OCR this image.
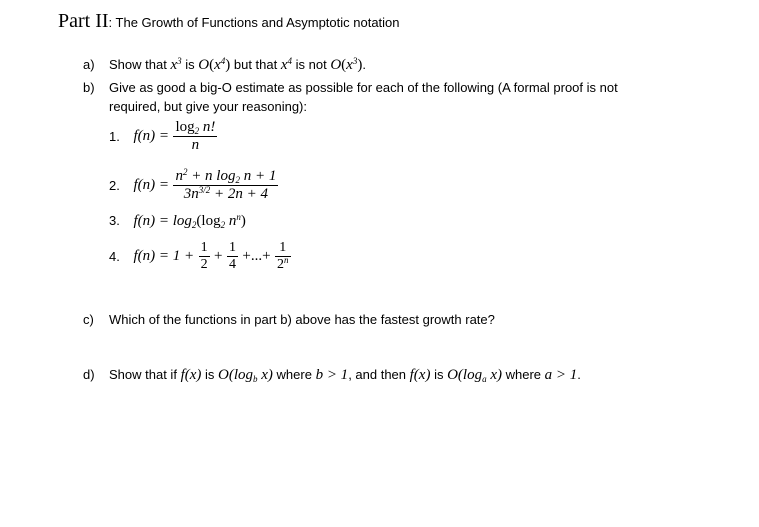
Part II: The Growth of Functions and Asymptotic notation
a) Show that $x^3$ is $O(x^4)$ but that $x^4$ is not $O(x^3)$.
b) Give as good a big-O estimate as possible for each of the following (A formal proof is not
required, but give your reasoning):
1. $f(n) = \frac{\log_2 n!}{n}$
2. $f(n) = \frac{n^2 + n \log_2 n + 1}{3n^{3/2} + 2n + 4}$
3. f(n) = log2(log2 $n^n$)
4. $f(n) = 1 + \frac{1}{2} + \frac{1}{4}$ +...+ $\frac{1}{2^n}$
c) Which of the functions in part b) above has the fastest growth rate?
d) Show that if f(x) is $O(\log_b$ x) where b > 1, and then f(x) is $O(\log_a$ x) where a > 1.
